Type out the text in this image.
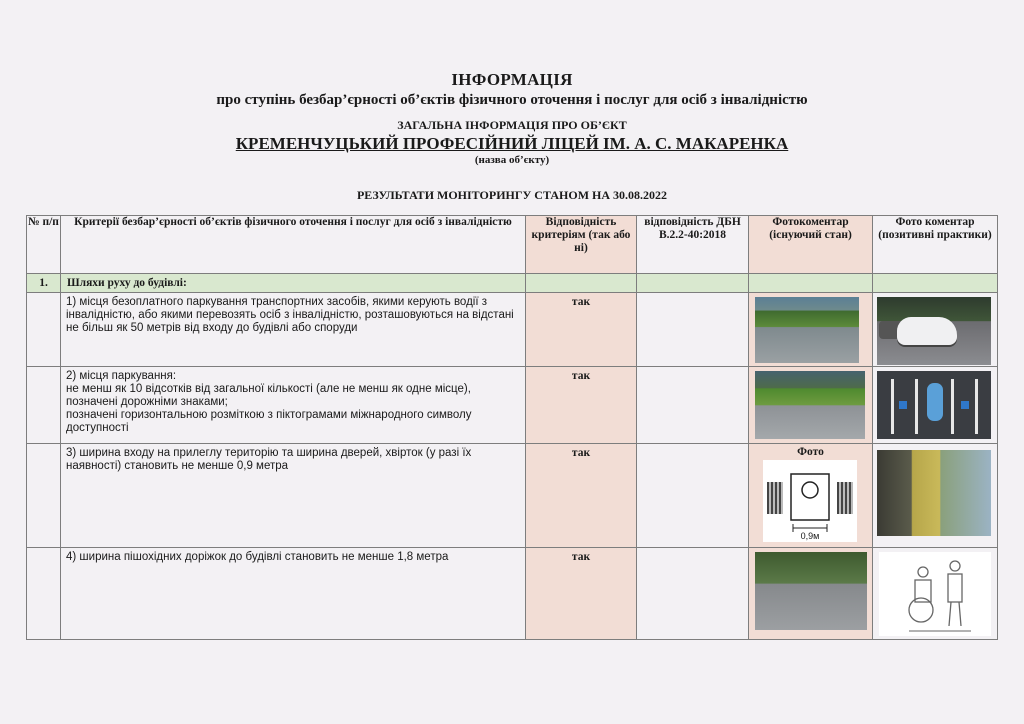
ІНФОРМАЦІЯ
про ступінь безбар’єрності об’єктів фізичного оточення і послуг для осіб з інвалідністю
ЗАГАЛЬНА ІНФОРМАЦІЯ ПРО ОБ’ЄКТ
КРЕМЕНЧУЦЬКИЙ ПРОФЕСІЙНИЙ ЛІЦЕЙ ІМ. А. С. МАКАРЕНКА
(назва об’єкту)
РЕЗУЛЬТАТИ МОНІТОРИНГУ СТАНОМ НА 30.08.2022
№ п/п	Критерії безбар’єрності об’єктів фізичного оточення і послуг для осіб з інвалідністю	Відповідність критеріям (так або ні)	відповідність ДБН В.2.2-40:2018	Фотокоментар (існуючий стан)	Фото коментар (позитивні практики)
1.	Шляхи руху до будівлі:				
	1) місця безоплатного паркування транспортних засобів, якими керують водії з інвалідністю, або якими перевозять осіб з інвалідністю, розташовуються на відстані не більш як 50 метрів від входу до будівлі або споруди	так		

	2) місця паркування:
не менш як 10 відсотків від загальної кількості (але не менш як одне місце), позначені дорожніми знаками;
позначені горизонтальною розміткою з піктограмами міжнародного символу доступності	так		

	3) ширина входу на прилеглу територію та ширина дверей, хвірток (у разі їх наявності) становить не менше 0,9 метра	так		Фото
0,9м	

	4) ширина пішохідних доріжок до будівлі становить не менше 1,8 метра	так		
